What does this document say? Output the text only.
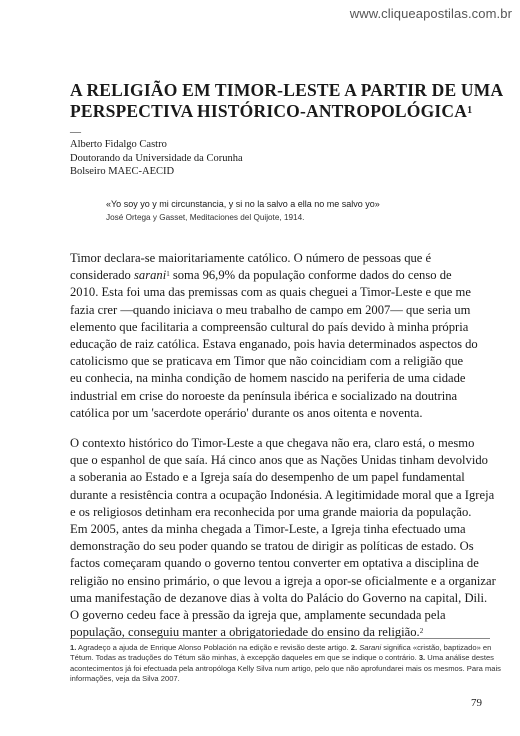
www.cliqueapostilas.com.br
A RELIGIÃO EM TIMOR-LESTE A PARTIR DE UMA
PERSPECTIVA HISTÓRICO-ANTROPOLÓGICA$^1$
—
Alberto Fidalgo Castro
Doutorando da Universidade da Corunha
Bolseiro MAEC-AECID
«Yo soy yo y mi circunstancia, y si no la salvo a ella no me salvo yo»
José Ortega y Gasset, Meditaciones del Quijote, 1914.

Timor declara-se maioritariamente católico. O número de pessoas que é
considerado sarani$^1$ soma 96,9% da população conforme dados do censo de
2010. Esta foi uma das premissas com as quais cheguei a Timor-Leste e que me
fazia crer —quando iniciava o meu trabalho de campo em 2007— que seria um
elemento que facilitaria a compreensão cultural do país devido à minha própria
educação de raiz católica. Estava enganado, pois havia determinados aspectos do
catolicismo que se praticava em Timor que não coincidiam com a religião que
eu conhecia, na minha condição de homem nascido na periferia de uma cidade
industrial em crise do noroeste da península ibérica e socializado na doutrina
católica por um 'sacerdote operário' durante os anos oitenta e noventa.

O contexto histórico do Timor-Leste a que chegava não era, claro está, o mesmo
que o espanhol de que saía. Há cinco anos que as Nações Unidas tinham devolvido
a soberania ao Estado e a Igreja saía do desempenho de um papel fundamental
durante a resistência contra a ocupação Indonésia. A legitimidade moral que a Igreja
e os religiosos detinham era reconhecida por uma grande maioria da população.
Em 2005, antes da minha chegada a Timor-Leste, a Igreja tinha efectuado uma
demonstração do seu poder quando se tratou de dirigir as políticas de estado. Os
factos começaram quando o governo tentou converter em optativa a disciplina de
religião no ensino primário, o que levou a igreja a opor-se oficialmente e a organizar
uma manifestação de dezanove dias à volta do Palácio do Governo na capital, Dili.
O governo cedeu face à pressão da igreja que, amplamente secundada pela
população, conseguiu manter a obrigatoriedade do ensino da religião.$^2$

1. Agradeço a ajuda de Enrique Alonso Población na edição e revisão deste artigo. 2. Sarani significa «cristão, baptizado» en
Tétum. Todas as traduções do Tétum são minhas, à excepção daqueles em que se indique o contrário. 3. Uma análise destes
acontecimentos já foi efectuada pela antropóloga Kelly Silva num artigo, pelo que não aprofundarei mais os mesmos. Para mais
informações, veja da Silva 2007.
79
